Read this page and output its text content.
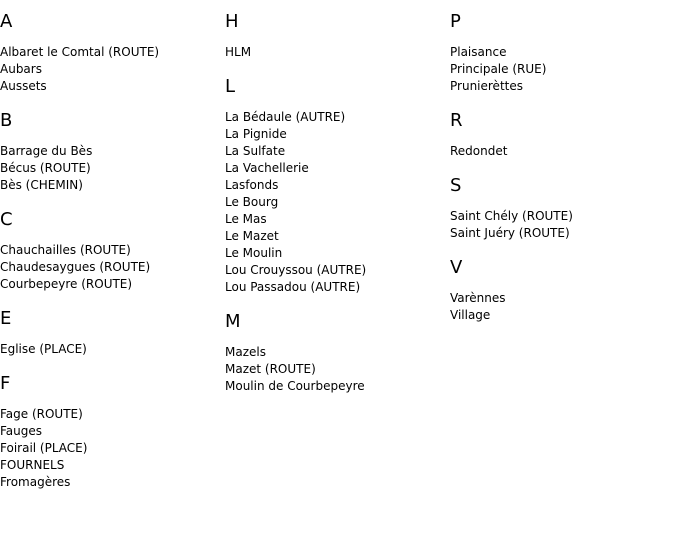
A
Albaret le Comtal (ROUTE)
Aubars
Aussets
B
Barrage du Bès
Bécus (ROUTE)
Bès (CHEMIN)
C
Chauchailles (ROUTE)
Chaudesaygues (ROUTE)
Courbepeyre (ROUTE)
E
Eglise (PLACE)
F
Fage (ROUTE)
Fauges
Foirail (PLACE)
FOURNELS
Fromagères
H
HLM
L
La Bédaule (AUTRE)
La Pignide
La Sulfate
La Vachellerie
Lasfonds
Le Bourg
Le Mas
Le Mazet
Le Moulin
Lou Crouyssou (AUTRE)
Lou Passadou (AUTRE)
M
Mazels
Mazet (ROUTE)
Moulin de Courbepeyre
P
Plaisance
Principale (RUE)
Prunierèttes
R
Redondet
S
Saint Chély (ROUTE)
Saint Juéry (ROUTE)
V
Varènnes
Village
